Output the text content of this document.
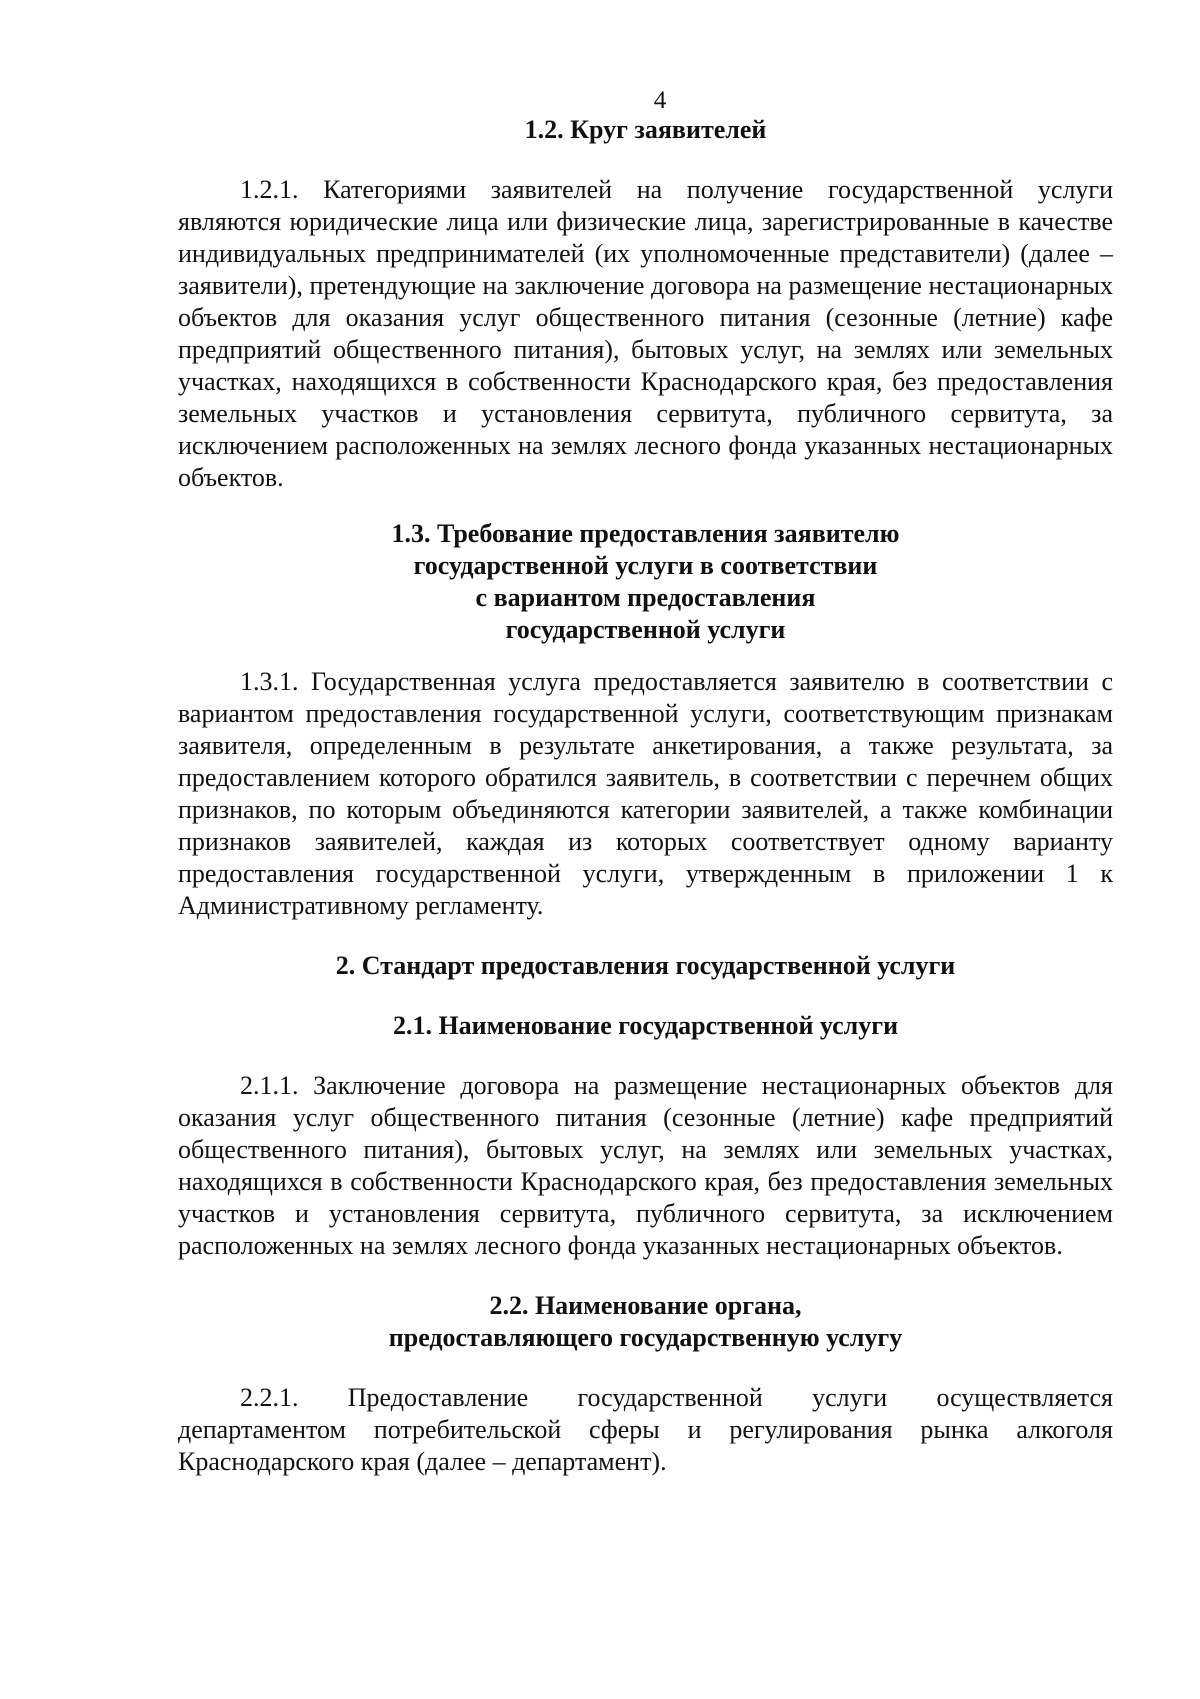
4
1.2. Круг заявителей

1.2.1. Категориями заявителей на получение государственной услуги являются юридические лица или физические лица, зарегистрированные в качестве индивидуальных предпринимателей (их уполномоченные представители) (далее – заявители), претендующие на заключение договора на размещение нестационарных объектов для оказания услуг общественного питания (сезонные (летние) кафе предприятий общественного питания), бытовых услуг, на землях или земельных участках, находящихся в собственности Краснодарского края, без предоставления земельных участков и установления сервитута, публичного сервитута, за исключением расположенных на землях лесного фонда указанных нестационарных объектов.

1.3. Требование предоставления заявителю
государственной услуги в соответствии
с вариантом предоставления
государственной услуги

1.3.1. Государственная услуга предоставляется заявителю в соответствии с вариантом предоставления государственной услуги, соответствующим признакам заявителя, определенным в результате анкетирования, а также результата, за предоставлением которого обратился заявитель, в соответствии с перечнем общих признаков, по которым объединяются категории заявителей, а также комбинации признаков заявителей, каждая из которых соответствует одному варианту предоставления государственной услуги, утвержденным в приложении 1 к Административному регламенту.

2. Стандарт предоставления государственной услуги
2.1. Наименование государственной услуги

2.1.1. Заключение договора на размещение нестационарных объектов для оказания услуг общественного питания (сезонные (летние) кафе предприятий общественного питания), бытовых услуг, на землях или земельных участках, находящихся в собственности Краснодарского края, без предоставления земельных участков и установления сервитута, публичного сервитута, за исключением расположенных на землях лесного фонда указанных нестационарных объектов.

2.2. Наименование органа,
предоставляющего государственную услугу

2.2.1. Предоставление государственной услуги осуществляется департаментом потребительской сферы и регулирования рынка алкоголя Краснодарского края (далее – департамент).
